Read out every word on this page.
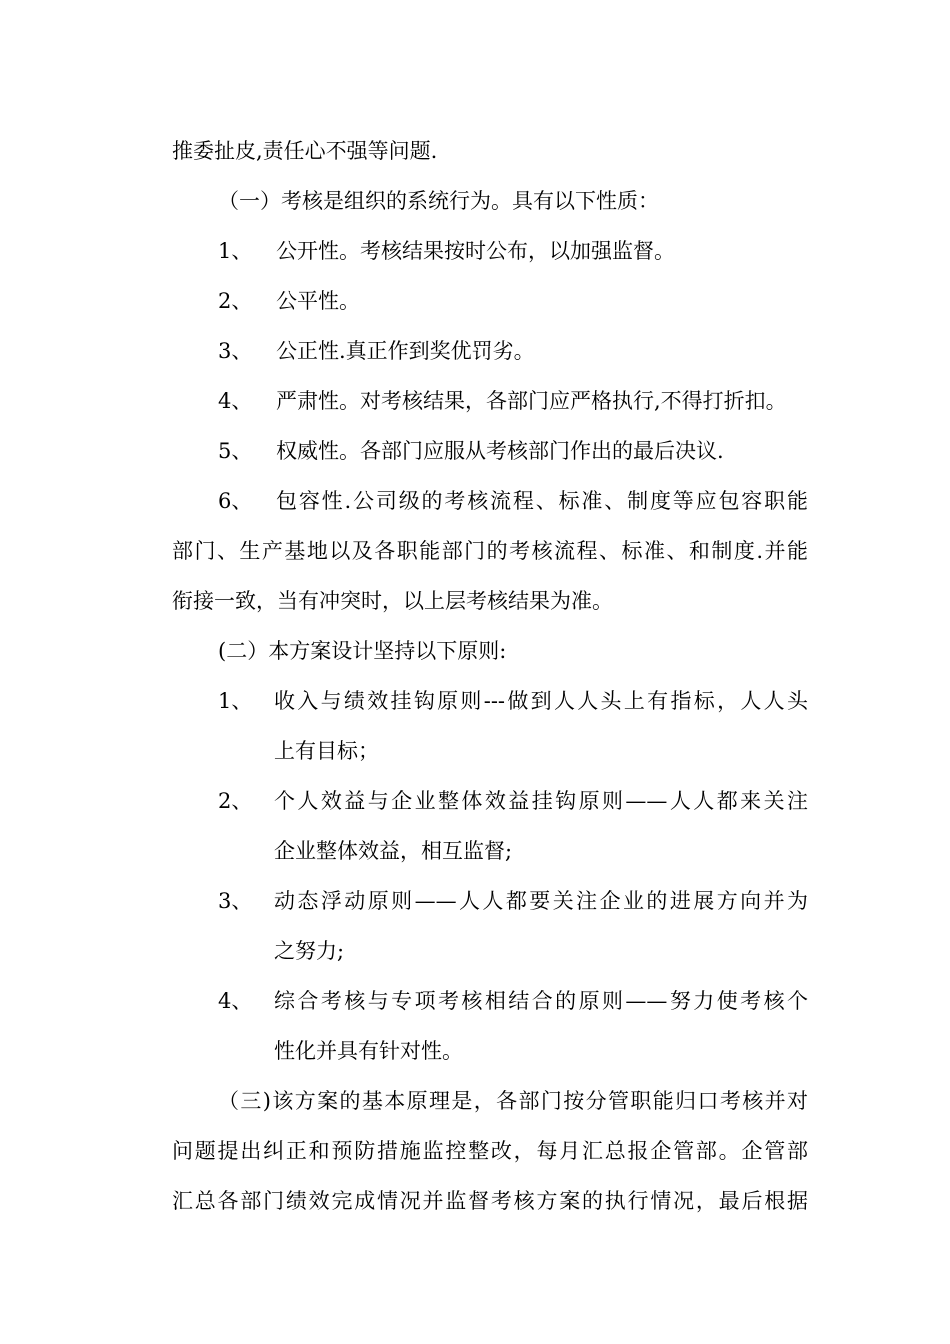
推委扯皮,责任心不强等问题.
（一）考核是组织的系统行为。具有以下性质：
1、 公开性。考核结果按时公布，以加强监督。
2、 公平性。
3、 公正性.真正作到奖优罚劣。
4、 严肃性。对考核结果，各部门应严格执行,不得打折扣。
5、 权威性。各部门应服从考核部门作出的最后决议.
6、 包容性.公司级的考核流程、标准、制度等应包容职能
部门、生产基地以及各职能部门的考核流程、标准、和制度.并能
衔接一致，当有冲突时，以上层考核结果为准。
(二）本方案设计坚持以下原则:
1、 收入与绩效挂钩原则---做到人人头上有指标，人人头
上有目标；
2、 个人效益与企业整体效益挂钩原则——人人都来关注
企业整体效益，相互监督;
3、 动态浮动原则——人人都要关注企业的进展方向并为
之努力;
4、 综合考核与专项考核相结合的原则——努力使考核个
性化并具有针对性。
（三)该方案的基本原理是，各部门按分管职能归口考核并对
问题提出纠正和预防措施监控整改，每月汇总报企管部。企管部
汇总各部门绩效完成情况并监督考核方案的执行情况，最后根据
